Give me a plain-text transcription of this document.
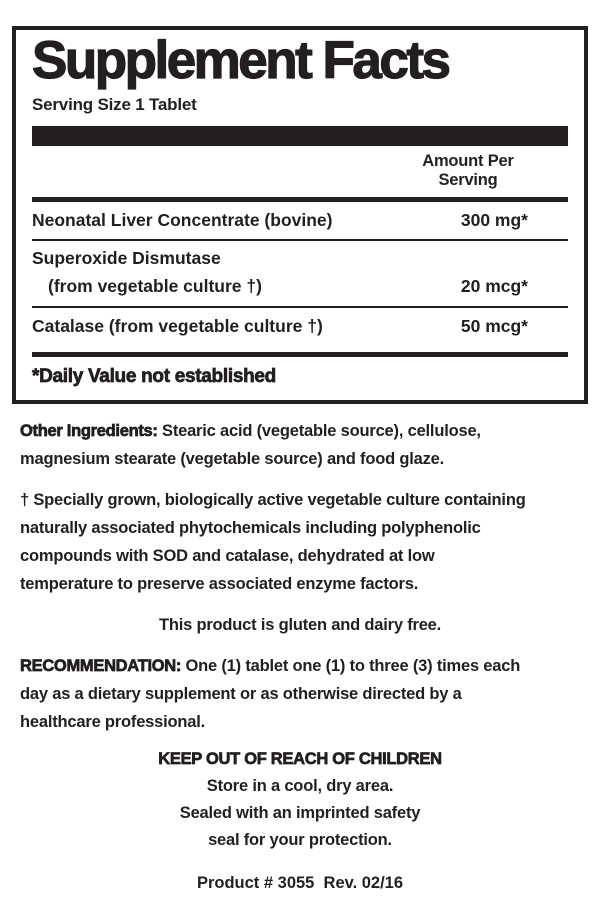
Supplement Facts
Serving Size 1 Tablet
Amount Per
Serving
Neonatal Liver Concentrate (bovine)	300 mg*
Superoxide Dismutase
(from vegetable culture †)	20 mcg*
Catalase (from vegetable culture †)	50 mcg*
*Daily Value not established

Other Ingredients: Stearic acid (vegetable source), cellulose,
magnesium stearate (vegetable source) and food glaze.

† Specially grown, biologically active vegetable culture containing
naturally associated phytochemicals including polyphenolic
compounds with SOD and catalase, dehydrated at low
temperature to preserve associated enzyme factors.

This product is gluten and dairy free.

RECOMMENDATION: One (1) tablet one (1) to three (3) times each
day as a dietary supplement or as otherwise directed by a
healthcare professional.

KEEP OUT OF REACH OF CHILDREN
Store in a cool, dry area.
Sealed with an imprinted safety
seal for your protection.
Product # 3055  Rev. 02/16
